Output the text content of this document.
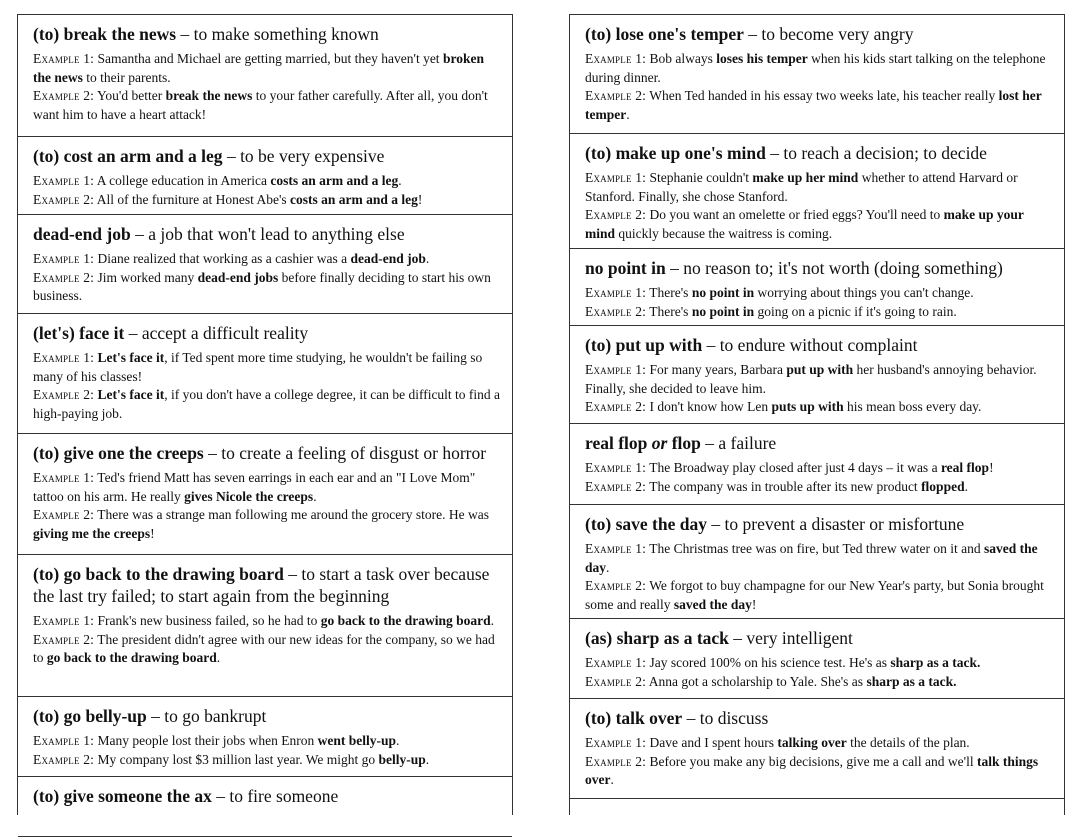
(to) break the news – to make something known
Example 1: Samantha and Michael are getting married, but they haven't yet broken the news to their parents.
Example 2: You'd better break the news to your father carefully. After all, you don't want him to have a heart attack!
(to) cost an arm and a leg – to be very expensive
Example 1: A college education in America costs an arm and a leg.
Example 2: All of the furniture at Honest Abe's costs an arm and a leg!
dead-end job – a job that won't lead to anything else
Example 1: Diane realized that working as a cashier was a dead-end job.
Example 2: Jim worked many dead-end jobs before finally deciding to start his own business.
(let's) face it – accept a difficult reality
Example 1: Let's face it, if Ted spent more time studying, he wouldn't be failing so many of his classes!
Example 2: Let's face it, if you don't have a college degree, it can be difficult to find a high-paying job.
(to) give one the creeps – to create a feeling of disgust or horror
Example 1: Ted's friend Matt has seven earrings in each ear and an "I Love Mom" tattoo on his arm. He really gives Nicole the creeps.
Example 2: There was a strange man following me around the grocery store. He was giving me the creeps!
(to) go back to the drawing board – to start a task over because the last try failed; to start again from the beginning
Example 1: Frank's new business failed, so he had to go back to the drawing board.
Example 2: The president didn't agree with our new ideas for the company, so we had to go back to the drawing board.
(to) go belly-up – to go bankrupt
Example 1: Many people lost their jobs when Enron went belly-up.
Example 2: My company lost $3 million last year. We might go belly-up.
(to) give someone the ax – to fire someone
(to) lose one's temper – to become very angry
Example 1: Bob always loses his temper when his kids start talking on the telephone during dinner.
Example 2: When Ted handed in his essay two weeks late, his teacher really lost her temper.
(to) make up one's mind – to reach a decision; to decide
Example 1: Stephanie couldn't make up her mind whether to attend Harvard or Stanford. Finally, she chose Stanford.
Example 2: Do you want an omelette or fried eggs? You'll need to make up your mind quickly because the waitress is coming.
no point in – no reason to; it's not worth (doing something)
Example 1: There's no point in worrying about things you can't change.
Example 2: There's no point in going on a picnic if it's going to rain.
(to) put up with – to endure without complaint
Example 1: For many years, Barbara put up with her husband's annoying behavior. Finally, she decided to leave him.
Example 2: I don't know how Len puts up with his mean boss every day.
real flop or flop – a failure
Example 1: The Broadway play closed after just 4 days – it was a real flop!
Example 2: The company was in trouble after its new product flopped.
(to) save the day – to prevent a disaster or misfortune
Example 1: The Christmas tree was on fire, but Ted threw water on it and saved the day.
Example 2: We forgot to buy champagne for our New Year's party, but Sonia brought some and really saved the day!
(as) sharp as a tack – very intelligent
Example 1: Jay scored 100% on his science test. He's as sharp as a tack.
Example 2: Anna got a scholarship to Yale. She's as sharp as a tack.
(to) talk over – to discuss
Example 1: Dave and I spent hours talking over the details of the plan.
Example 2: Before you make any big decisions, give me a call and we'll talk things over.
